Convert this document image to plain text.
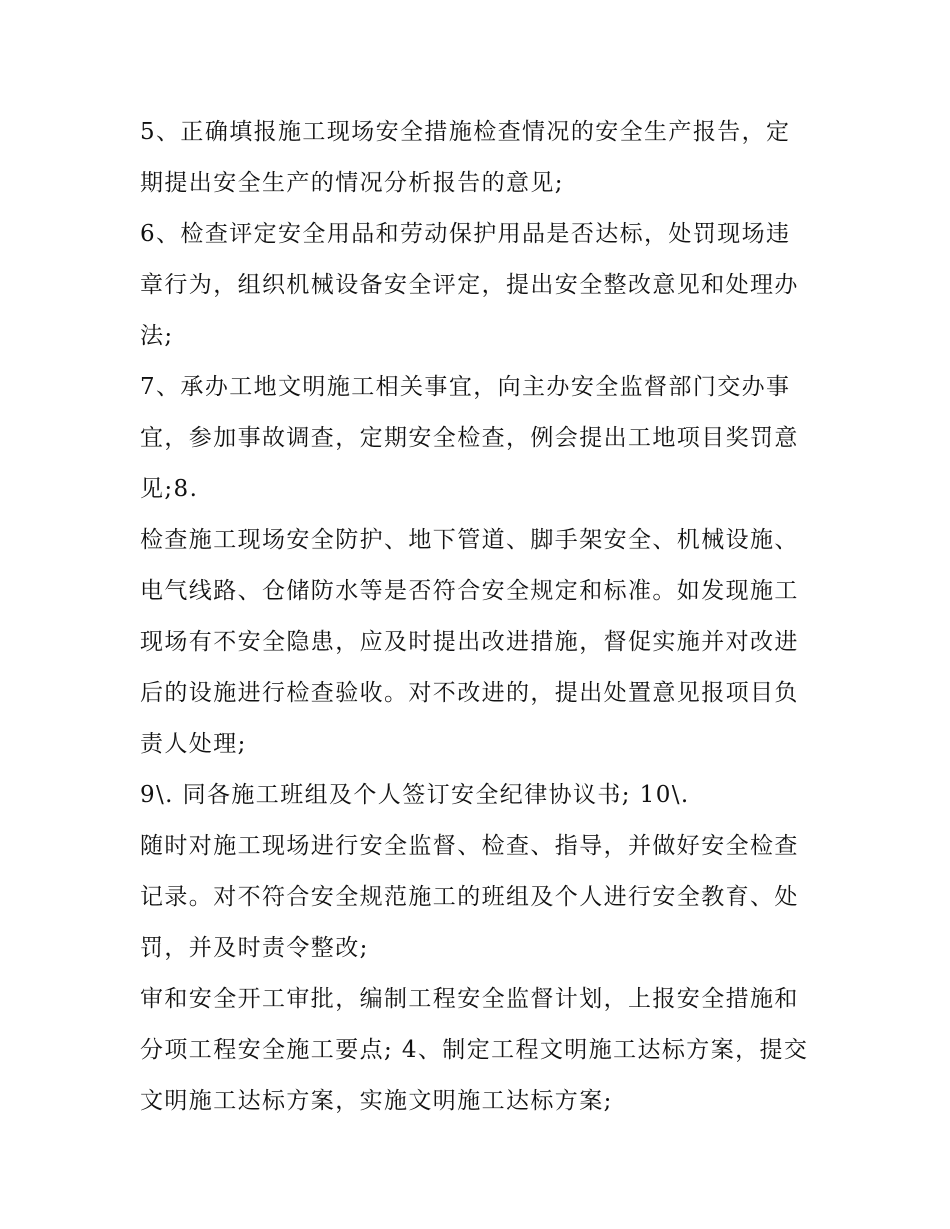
5、正确填报施工现场安全措施检查情况的安全生产报告，定

期提出安全生产的情况分析报告的意见;

6、检查评定安全用品和劳动保护用品是否达标，处罚现场违

章行为，组织机械设备安全评定，提出安全整改意见和处理办

法;

7、承办工地文明施工相关事宜，向主办安全监督部门交办事

宜，参加事故调查，定期安全检查，例会提出工地项目奖罚意

见;8.

检查施工现场安全防护、地下管道、脚手架安全、机械设施、

电气线路、仓储防水等是否符合安全规定和标准。如发现施工

现场有不安全隐患，应及时提出改进措施，督促实施并对改进

后的设施进行检查验收。对不改进的，提出处置意见报项目负

责人处理;

9\. 同各施工班组及个人签订安全纪律协议书; 10\.

随时对施工现场进行安全监督、检查、指导，并做好安全检查

记录。对不符合安全规范施工的班组及个人进行安全教育、处

罚，并及时责令整改;

审和安全开工审批，编制工程安全监督计划，上报安全措施和

分项工程安全施工要点; 4、制定工程文明施工达标方案，提交

文明施工达标方案，实施文明施工达标方案;
